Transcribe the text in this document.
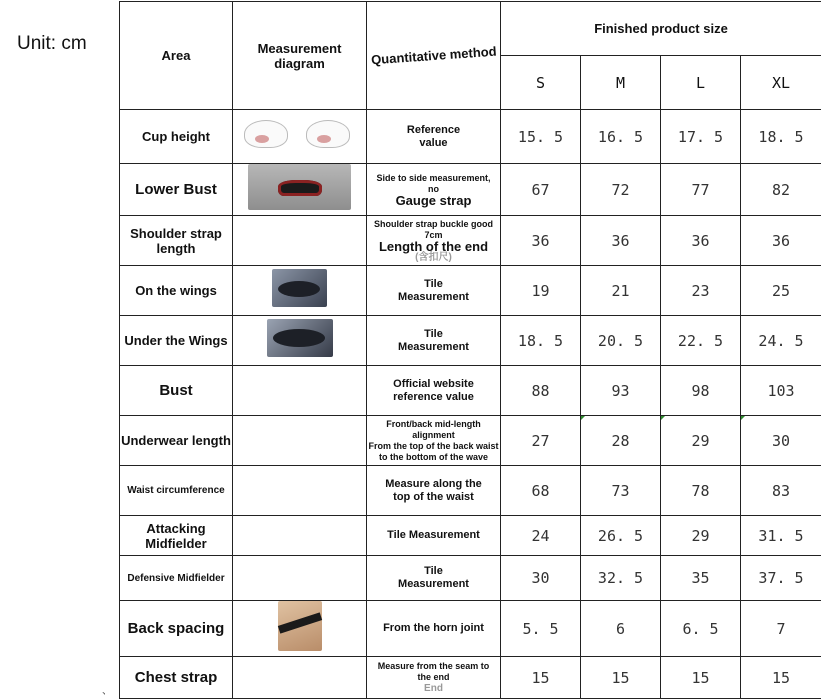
Unit: cm
、
Area	Measurement diagram	Quantitative method	Finished product size			
			S	M	L	XL
Cup height		Reference
value	15. 5	16. 5	17. 5	18. 5
Lower Bust		Side to side measurement,
no
Gauge strap	67	72	77	82
Shoulder strap length		Shoulder strap buckle good 7cm
Length of the end
(含扣尺)	36	36	36	36
On the wings		Tile
Measurement	19	21	23	25
Under the Wings		Tile
Measurement	18. 5	20. 5	22. 5	24. 5
Bust		Official website
reference value	88	93	98	103
Underwear length		Front/back mid-length
alignment
From the top of the back waist
to the bottom of the wave	27	28	29	30

Waist circumference		Measure along the
top of the waist	68	73	78	83
Attacking Midfielder		Tile Measurement	24	26. 5	29	31. 5
Defensive Midfielder		Tile
Measurement	30	32. 5	35	37. 5
Back spacing		From the horn joint	5. 5	6	6. 5	7
Chest strap		Measure from the seam to
the end
End	15	15	15	15
